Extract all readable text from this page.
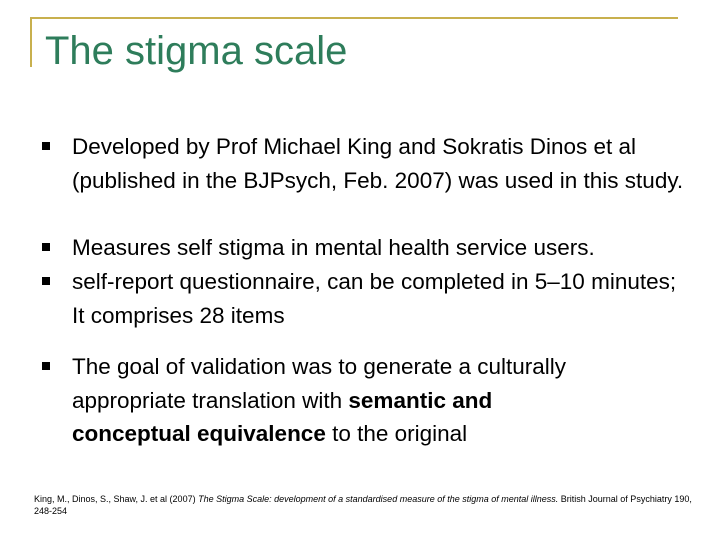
The stigma scale
Developed by Prof Michael King and Sokratis Dinos et al (published in the BJPsych, Feb. 2007) was used in this study.
Measures self stigma in mental health service users.
self-report questionnaire, can be completed in 5–10 minutes; It comprises 28 items
The goal of validation was to generate a culturally
appropriate translation with semantic and
conceptual equivalence to the original
King, M., Dinos, S., Shaw, J. et al (2007) The Stigma Scale: development of a standardised measure of the stigma of mental illness. British Journal of Psychiatry 190, 248-254
